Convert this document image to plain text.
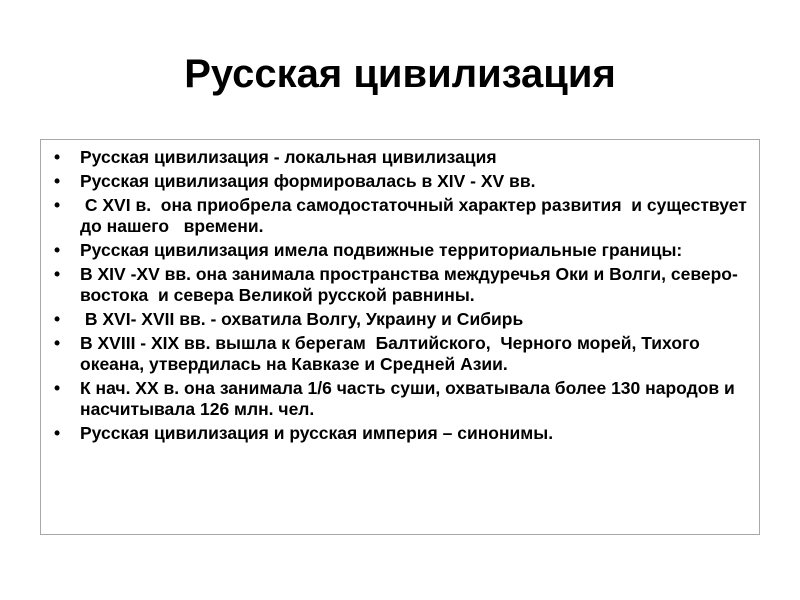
Русская цивилизация
• Русская цивилизация - локальная цивилизация
• Русская цивилизация формировалась в XIV - XV вв.
• С XVI в.  она приобрела самодостаточный характер развития  и существует до нашего   времени.
• Русская цивилизация имела подвижные территориальные границы:
• В XIV -XV вв. она занимала пространства междуречья Оки и Волги, северо-востока  и севера Великой русской равнины.
• В XVI- XVII вв. - охватила Волгу, Украину и Сибирь
• В XVIII - XIX вв. вышла к берегам  Балтийского,  Черного морей, Тихого океана, утвердилась на Кавказе и Средней Азии.
• К нач. XX в. она занимала 1/6 часть суши, охватывала более 130 народов и насчитывала 126 млн. чел.
• Русская цивилизация и русская империя – синонимы.
